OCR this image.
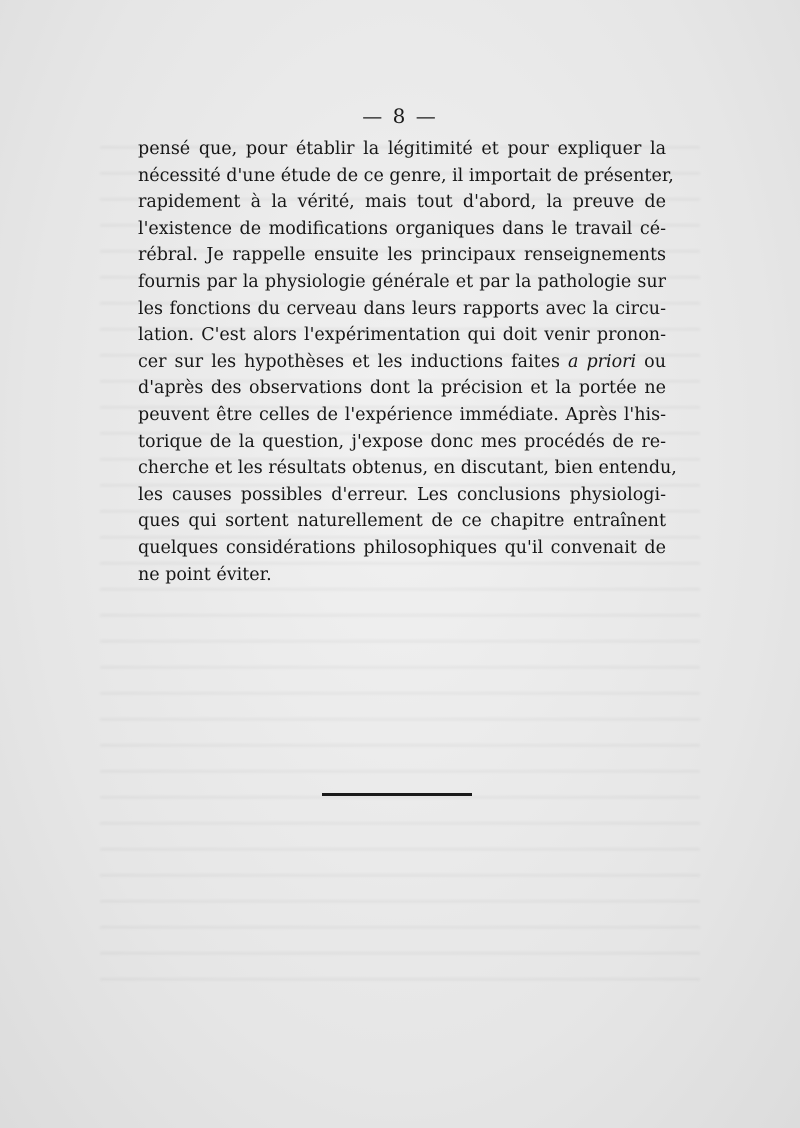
— 8 —
pensé que, pour établir la légitimité et pour expliquer la
nécessité d'une étude de ce genre, il importait de présenter,
rapidement à la vérité, mais tout d'abord, la preuve de
l'existence de modifications organiques dans le travail cé-
rébral. Je rappelle ensuite les principaux renseignements
fournis par la physiologie générale et par la pathologie sur
les fonctions du cerveau dans leurs rapports avec la circu-
lation. C'est alors l'expérimentation qui doit venir pronon-
cer sur les hypothèses et les inductions faites a priori ou
d'après des observations dont la précision et la portée ne
peuvent être celles de l'expérience immédiate. Après l'his-
torique de la question, j'expose donc mes procédés de re-
cherche et les résultats obtenus, en discutant, bien entendu,
les causes possibles d'erreur. Les conclusions physiologi-
ques qui sortent naturellement de ce chapitre entraînent
quelques considérations philosophiques qu'il convenait de
ne point éviter.
